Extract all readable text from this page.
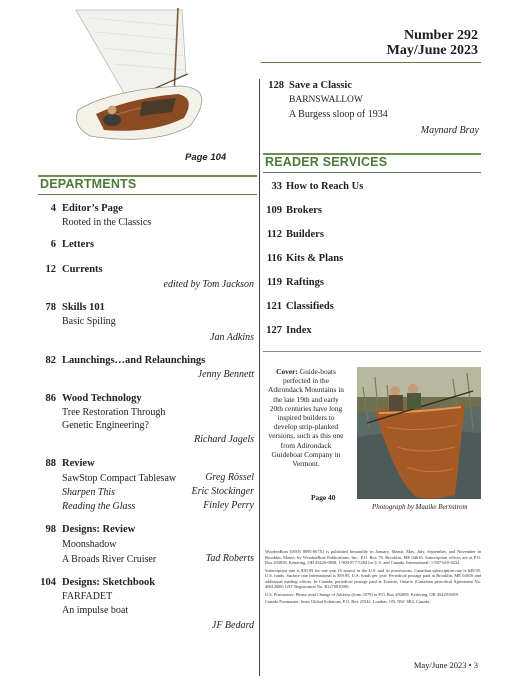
Number 292
May/June 2023
Page 104
DEPARTMENTS
4 Editor’s Page
Rooted in the Classics
6 Letters
12 Currents
edited by Tom Jackson
78 Skills 101
Basic Spiling
Jan Adkins
82 Launchings…and Relaunchings
Jenny Bennett
86 Wood Technology
Tree Restoration Through
Genetic Engineering?
Richard Jagels
88 Review
SawStop Compact Tablesaw	Greg Rössel
Sharpen This	Eric Stockinger
Reading the Glass	Finley Perry
98 Designs: Review
Moonshadow
A Broads River Cruiser	Tad Roberts
104 Designs: Sketchbook
FARFADET
An impulse boat
JF Bedard
128 Save a Classic
BARNSWALLOW
A Burgess sloop of 1934
Maynard Bray
READER SERVICES
33 How to Reach Us
109 Brokers
112 Builders
116 Kits & Plans
119 Raftings
121 Classifieds
127 Index
Cover: Guide-boats perfected in the Adirondack Mountains in the late 19th and early 20th centuries have long inspired builders to develop strip-planked versions, such as this one from Adirondack Guideboat Company in Vermont.
Page 40
Photograph by Maaike Bernstrom

WoodenBoat (ISSN 0095-067X) is published bimonthly in January, March, May, July, September, and November in Brooklin, Maine, by WoodenBoat Publications, Inc., P.O. Box 78, Brooklin, ME 04616. Subscription offices are at P.O. Box 292858, Kettering, OH 45429-0858; 1-800-877-5284 for U.S. and Canada. International: 1-937-610-0234.

Subscription rate is $39.95 for one year (6 issues) in the U.S. and its possessions. Canadian subscription rate is $49.95, U.S. funds. Surface rate International is $59.95, U.S. funds per year. Periodical postage paid at Brooklin, ME 04616 and additional mailing offices. In Canada, periodical postage paid at Toronto, Ontario (Canadian periodical Agreement No. 40612608; GST Registration No. R127081008).

U.S. Postmaster: Please send Change of Address (form 3579) to P.O. Box 292859, Kettering, OH 45429-0859.

Canada Postmaster: Imex Global Solutions, P.O. Box 25542, London, ON, N6C 6B2, Canada.

May/June 2023 • 3
